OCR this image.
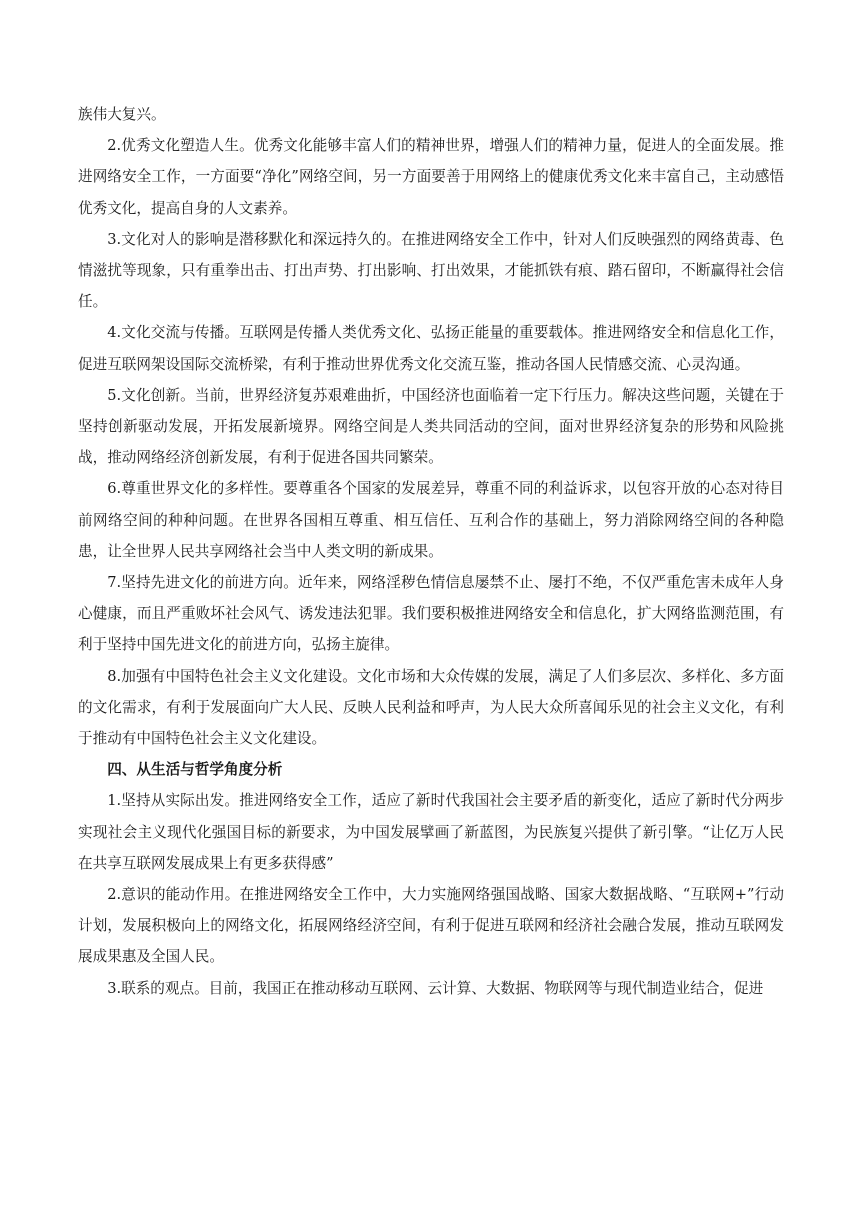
族伟大复兴。

2.优秀文化塑造人生。优秀文化能够丰富人们的精神世界，增强人们的精神力量，促进人的全面发展。推进网络安全工作，一方面要“净化”网络空间，另一方面要善于用网络上的健康优秀文化来丰富自己，主动感悟优秀文化，提高自身的人文素养。

3.文化对人的影响是潜移默化和深远持久的。在推进网络安全工作中，针对人们反映强烈的网络黄毒、色情滋扰等现象，只有重拳出击、打出声势、打出影响、打出效果，才能抓铁有痕、踏石留印，不断赢得社会信任。

4.文化交流与传播。互联网是传播人类优秀文化、弘扬正能量的重要载体。推进网络安全和信息化工作，促进互联网架设国际交流桥梁，有利于推动世界优秀文化交流互鉴，推动各国人民情感交流、心灵沟通。

5.文化创新。当前，世界经济复苏艰难曲折，中国经济也面临着一定下行压力。解决这些问题，关键在于坚持创新驱动发展，开拓发展新境界。网络空间是人类共同活动的空间，面对世界经济复杂的形势和风险挑战，推动网络经济创新发展，有利于促进各国共同繁荣。

6.尊重世界文化的多样性。要尊重各个国家的发展差异，尊重不同的利益诉求，以包容开放的心态对待目前网络空间的种种问题。在世界各国相互尊重、相互信任、互利合作的基础上，努力消除网络空间的各种隐患，让全世界人民共享网络社会当中人类文明的新成果。

7.坚持先进文化的前进方向。近年来，网络淫秽色情信息屡禁不止、屡打不绝，不仅严重危害未成年人身心健康，而且严重败坏社会风气、诱发违法犯罪。我们要积极推进网络安全和信息化，扩大网络监测范围，有利于坚持中国先进文化的前进方向，弘扬主旋律。

8.加强有中国特色社会主义文化建设。文化市场和大众传媒的发展，满足了人们多层次、多样化、多方面的文化需求，有利于发展面向广大人民、反映人民利益和呼声，为人民大众所喜闻乐见的社会主义文化，有利于推动有中国特色社会主义文化建设。

四、从生活与哲学角度分析

1.坚持从实际出发。推进网络安全工作，适应了新时代我国社会主要矛盾的新变化，适应了新时代分两步实现社会主义现代化强国目标的新要求，为中国发展擘画了新蓝图，为民族复兴提供了新引擎。“让亿万人民在共享互联网发展成果上有更多获得感”

2.意识的能动作用。在推进网络安全工作中，大力实施网络强国战略、国家大数据战略、“互联网+”行动计划，发展积极向上的网络文化，拓展网络经济空间，有利于促进互联网和经济社会融合发展，推动互联网发展成果惠及全国人民。

3.联系的观点。目前，我国正在推动移动互联网、云计算、大数据、物联网等与现代制造业结合，促进
